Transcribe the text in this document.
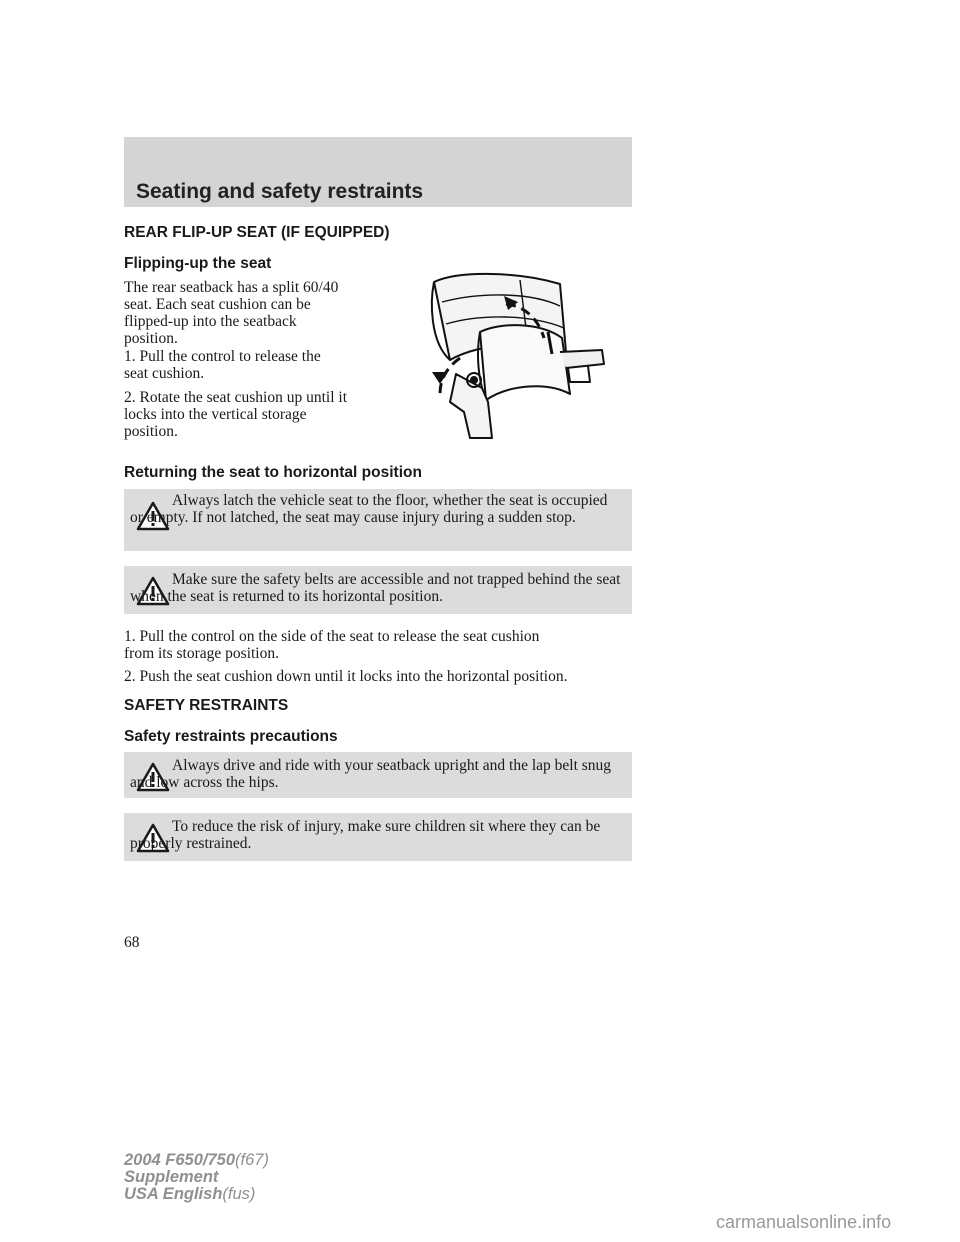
Seating and safety restraints
REAR FLIP-UP SEAT (IF EQUIPPED)
Flipping-up the seat
The rear seatback has a split 60/40
seat. Each seat cushion can be
flipped-up into the seatback
position.
1. Pull the control to release the
seat cushion.
2. Rotate the seat cushion up until it
locks into the vertical storage
position.
Returning the seat to horizontal position
Always latch the vehicle seat to the floor, whether the seat is occupied or empty. If not latched, the seat may cause injury during a sudden stop.
Make sure the safety belts are accessible and not trapped behind the seat when the seat is returned to its horizontal position.
1. Pull the control on the side of the seat to release the seat cushion
from its storage position.
2. Push the seat cushion down until it locks into the horizontal position.
SAFETY RESTRAINTS
Safety restraints precautions
Always drive and ride with your seatback upright and the lap belt snug and low across the hips.
To reduce the risk of injury, make sure children sit where they can be properly restrained.
68
2004 F650/750(f67)
Supplement
USA English(fus)
carmanualsonline.info
